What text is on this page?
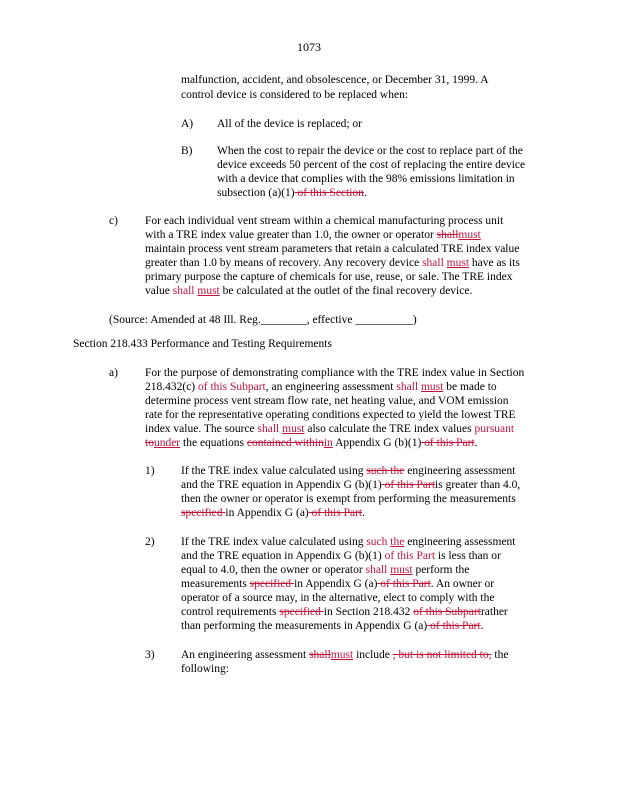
1073
malfunction, accident, and obsolescence, or December 31, 1999. A
control device is considered to be replaced when:
A) All of the device is replaced; or
B) When the cost to repair the device or the cost to replace part of the
device exceeds 50 percent of the cost of replacing the entire device
with a device that complies with the 98% emissions limitation in
subsection (a)(1) of this Section.
c) For each individual vent stream within a chemical manufacturing process unit
with a TRE index value greater than 1.0, the owner or operator shallmust
maintain process vent stream parameters that retain a calculated TRE index value
greater than 1.0 by means of recovery. Any recovery device shall must have as its
primary purpose the capture of chemicals for use, reuse, or sale. The TRE index
value shall must be calculated at the outlet of the final recovery device.
(Source: Amended at 48 Ill. Reg.________, effective __________)
Section 218.433 Performance and Testing Requirements
a) For the purpose of demonstrating compliance with the TRE index value in Section
218.432(c) of this Subpart, an engineering assessment shall must be made to
determine process vent stream flow rate, net heating value, and VOM emission
rate for the representative operating conditions expected to yield the lowest TRE
index value. The source shall must also calculate the TRE index values pursuant
tounder the equations contained withinin Appendix G (b)(1) of this Part.
1) If the TRE index value calculated using such the engineering assessment
and the TRE equation in Appendix G (b)(1) of this Partis greater than 4.0,
then the owner or operator is exempt from performing the measurements
specified in Appendix G (a) of this Part.
2) If the TRE index value calculated using such the engineering assessment
and the TRE equation in Appendix G (b)(1) of this Part is less than or
equal to 4.0, then the owner or operator shall must perform the
measurements specified in Appendix G (a) of this Part. An owner or
operator of a source may, in the alternative, elect to comply with the
control requirements specified in Section 218.432 of this Subpartrather
than performing the measurements in Appendix G (a) of this Part.
3) An engineering assessment shallmust include , but is not limited to, the
following:
